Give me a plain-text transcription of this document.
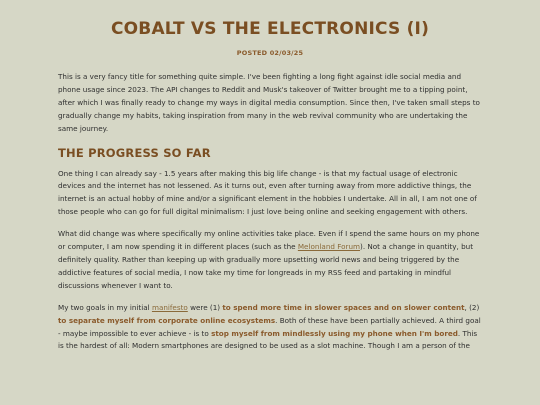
COBALT VS THE ELECTRONICS (I)
POSTED 02/03/25

This is a very fancy title for something quite simple. I've been fighting a long fight against idle social media and phone usage since 2023. The API changes to Reddit and Musk's takeover of Twitter brought me to a tipping point, after which I was finally ready to change my ways in digital media consumption. Since then, I've taken small steps to gradually change my habits, taking inspiration from many in the web revival community who are undertaking the same journey.

THE PROGRESS SO FAR

One thing I can already say - 1.5 years after making this big life change - is that my factual usage of electronic devices and the internet has not lessened. As it turns out, even after turning away from more addictive things, the internet is an actual hobby of mine and/or a significant element in the hobbies I undertake. All in all, I am not one of those people who can go for full digital minimalism: I just love being online and seeking engagement with others.

What did change was where specifically my online activities take place. Even if I spend the same hours on my phone or computer, I am now spending it in different places (such as the Melonland Forum). Not a change in quantity, but definitely quality. Rather than keeping up with gradually more upsetting world news and being triggered by the addictive features of social media, I now take my time for longreads in my RSS feed and partaking in mindful discussions whenever I want to.

My two goals in my initial manifesto were (1) to spend more time in slower spaces and on slower content, (2) to separate myself from corporate online ecosystems. Both of these have been partially achieved. A third goal - maybe impossible to ever achieve - is to stop myself from mindlessly using my phone when I'm bored. This is the hardest of all: Modern smartphones are designed to be used as a slot machine. Though I am a person of the
